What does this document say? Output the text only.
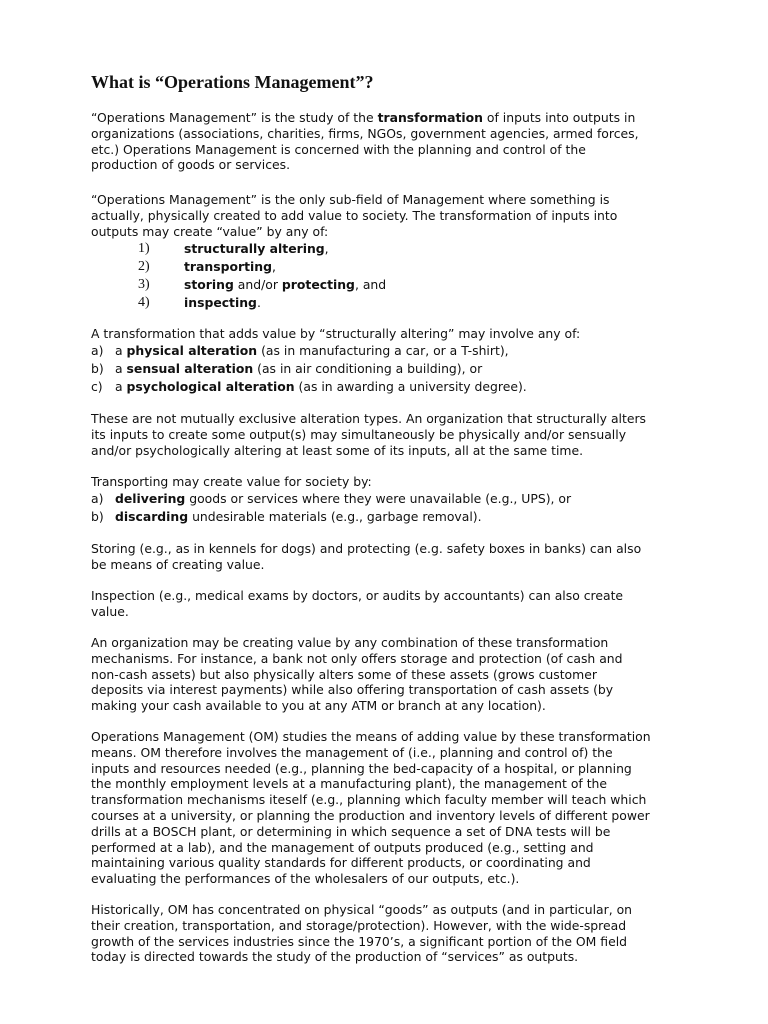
What is “Operations Management”?
“Operations Management” is the study of the transformation of inputs into outputs in
organizations (associations, charities, firms, NGOs, government agencies, armed forces,
etc.) Operations Management is concerned with the planning and control of the
production of goods or services.
“Operations Management” is the only sub-field of Management where something is
actually, physically created to add value to society. The transformation of inputs into
outputs may create “value” by any of:
1)	structurally altering,
2)	transporting,
3)	storing and/or protecting, and
4)	inspecting.
A transformation that adds value by “structurally altering” may involve any of:
a) a physical alteration (as in manufacturing a car, or a T-shirt),
b) a sensual alteration (as in air conditioning a building), or
c) a psychological alteration (as in awarding a university degree).
These are not mutually exclusive alteration types. An organization that structurally alters
its inputs to create some output(s) may simultaneously be physically and/or sensually
and/or psychologically altering at least some of its inputs, all at the same time.
Transporting may create value for society by:
a) delivering goods or services where they were unavailable (e.g., UPS), or
b) discarding undesirable materials (e.g., garbage removal).
Storing (e.g., as in kennels for dogs) and protecting (e.g. safety boxes in banks) can also
be means of creating value.
Inspection (e.g., medical exams by doctors, or audits by accountants) can also create
value.
An organization may be creating value by any combination of these transformation
mechanisms. For instance, a bank not only offers storage and protection (of cash and
non-cash assets) but also physically alters some of these assets (grows customer
deposits via interest payments) while also offering transportation of cash assets (by
making your cash available to you at any ATM or branch at any location).
Operations Management (OM) studies the means of adding value by these transformation
means. OM therefore involves the management of (i.e., planning and control of) the
inputs and resources needed (e.g., planning the bed-capacity of a hospital, or planning
the monthly employment levels at a manufacturing plant), the management of the
transformation mechanisms iteself (e.g., planning which faculty member will teach which
courses at a university, or planning the production and inventory levels of different power
drills at a BOSCH plant, or determining in which sequence a set of DNA tests will be
performed at a lab), and the management of outputs produced (e.g., setting and
maintaining various quality standards for different products, or coordinating and
evaluating the performances of the wholesalers of our outputs, etc.).
Historically, OM has concentrated on physical “goods” as outputs (and in particular, on
their creation, transportation, and storage/protection). However, with the wide-spread
growth of the services industries since the 1970’s, a significant portion of the OM field
today is directed towards the study of the production of “services” as outputs.
